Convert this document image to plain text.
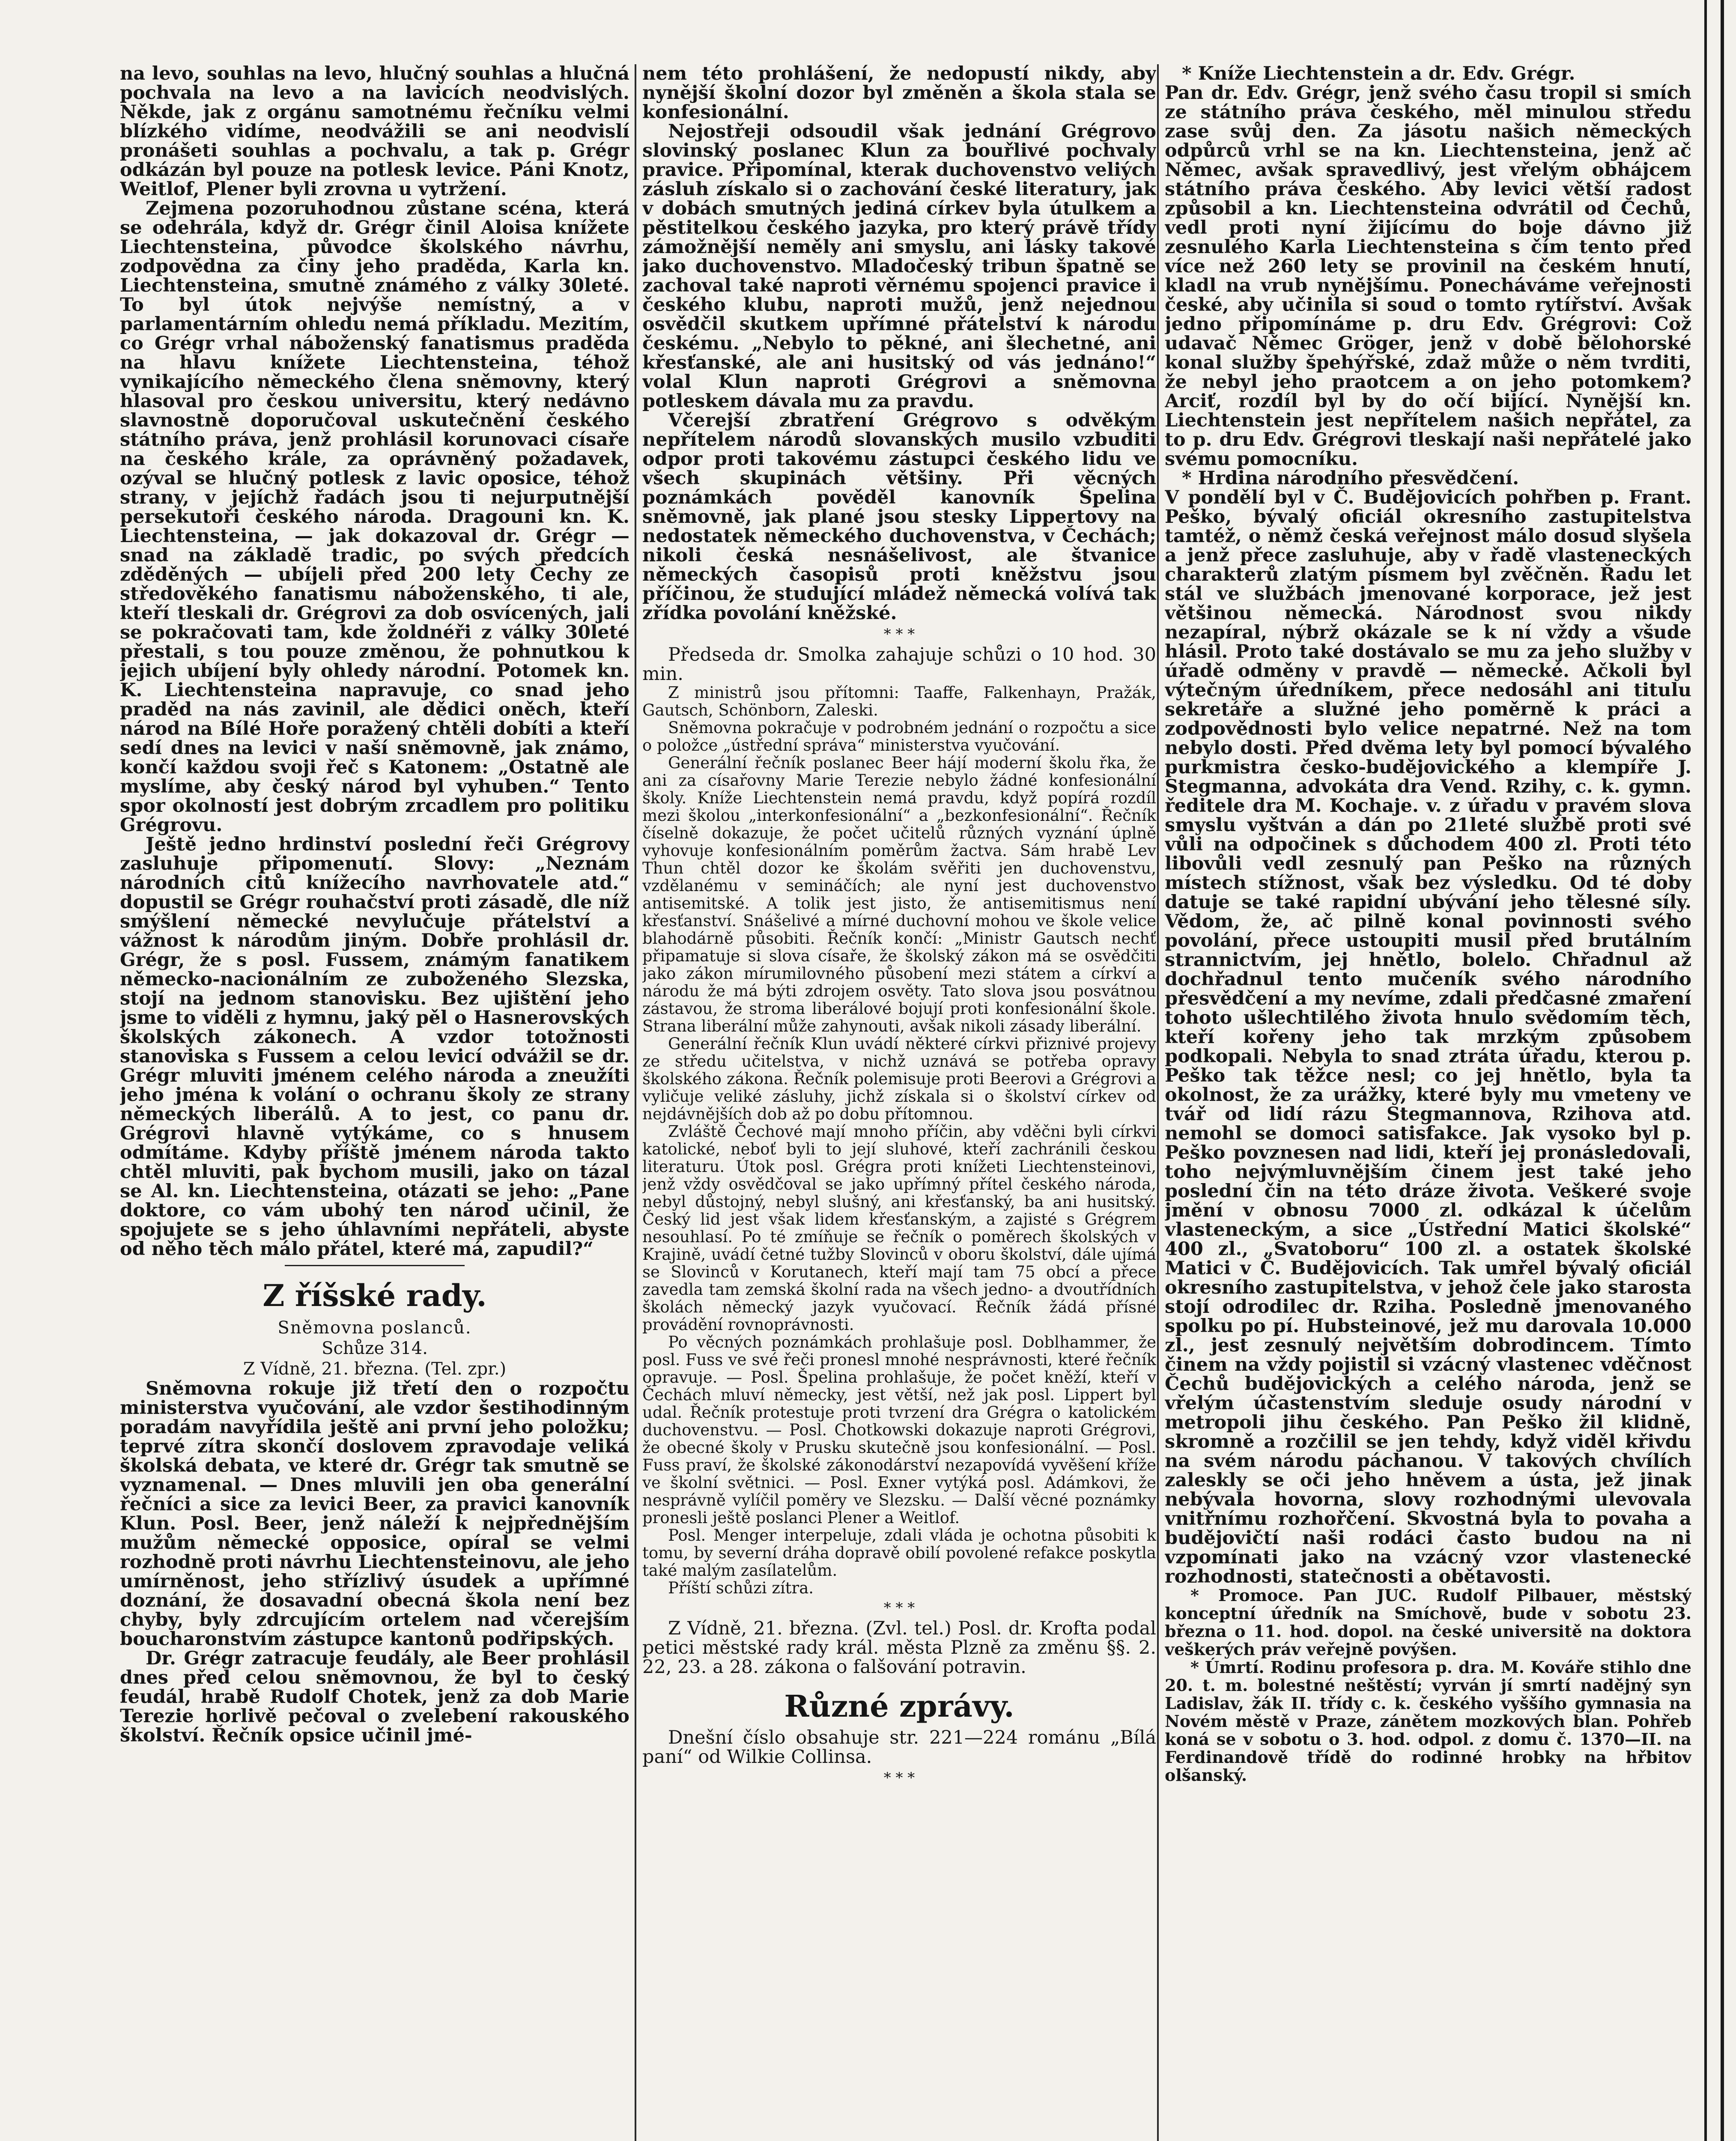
na levo, souhlas na levo, hlučný souhlas a hlučná pochvala na levo a na lavicích neodvislých. Někde, jak z orgánu samotnému řečníku velmi blízkého vidíme, neodvážili se ani neodvislí pronášeti souhlas a pochvalu, a tak p. Grégr odkázán byl pouze na potlesk levice. Páni Knotz, Weitlof, Plener byli zrovna u vytržení.

Zejmena pozoruhodnou zůstane scéna, která se odehrála, když dr. Grégr činil Aloisa knížete Liechtensteina, původce školského návrhu, zodpovědna za činy jeho praděda, Karla kn. Liechtensteina, smutně známého z války 30leté. To byl útok nejvýše nemístný, a v parlamentárním ohledu nemá příkladu. Mezitím, co Grégr vrhal náboženský fanatismus praděda na hlavu knížete Liechtensteina, téhož vynikajícího německého člena sněmovny, který hlasoval pro českou universitu, který nedávno slavnostně doporučoval uskutečnění českého státního práva, jenž prohlásil korunovaci císaře na českého krále, za oprávněný požadavek, ozýval se hlučný potlesk z lavic oposice, téhož strany, v jejíchž řadách jsou ti nejurputnější persekutoři českého národa. Dragouni kn. K. Liechtensteina, — jak dokazoval dr. Grégr — snad na základě tradic, po svých předcích zděděných — ubíjeli před 200 lety Čechy ze středověkého fanatismu náboženského, ti ale, kteří tleskali dr. Grégrovi za dob osvícených, jali se pokračovati tam, kde žoldnéři z války 30leté přestali, s tou pouze změnou, že pohnutkou k jejich ubíjení byly ohledy národní. Potomek kn. K. Liechtensteina napravuje, co snad jeho praděd na nás zavinil, ale dědici oněch, kteří národ na Bílé Hoře poražený chtěli dobíti a kteří sedí dnes na levici v naší sněmovně, jak známo, končí každou svoji řeč s Katonem: „Ostatně ale myslíme, aby český národ byl vyhuben.“ Tento spor okolností jest dobrým zrcadlem pro politiku Grégrovu.

Ještě jedno hrdinství poslední řeči Grégrovy zasluhuje připomenutí. Slovy: „Neznám národních citů knížecího navrhovatele atd.“ dopustil se Grégr rouhačství proti zásadě, dle níž smýšlení německé nevylučuje přátelství a vážnost k národům jiným. Dobře prohlásil dr. Grégr, že s posl. Fussem, známým fanatikem německo-nacionálním ze zuboženého Slezska, stojí na jednom stanovisku. Bez ujištění jeho jsme to viděli z hymnu, jaký pěl o Hasnerovských školských zákonech. A vzdor totožnosti stanoviska s Fussem a celou levicí odvážil se dr. Grégr mluviti jménem celého národa a zneužíti jeho jména k volání o ochranu školy ze strany německých liberálů. A to jest, co panu dr. Grégrovi hlavně vytýkáme, co s hnusem odmítáme. Kdyby příště jménem národa takto chtěl mluviti, pak bychom musili, jako on tázal se Al. kn. Liechtensteina, otázati se jeho: „Pane doktore, co vám ubohý ten národ učinil, že spojujete se s jeho úhlavními nepřáteli, abyste od něho těch málo přátel, které má, zapudil?“

Z říšské rady.

Sněmovna poslanců.

Schůze 314.

Z Vídně, 21. března. (Tel. zpr.)

Sněmovna rokuje již třetí den o rozpočtu ministerstva vyučování, ale vzdor šestihodinným poradám navyřídila ještě ani první jeho položku; teprvé zítra skončí doslovem zpravodaje veliká školská debata, ve které dr. Grégr tak smutně se vyznamenal. — Dnes mluvili jen oba generální řečníci a sice za levici Beer, za pravici kanovník Klun. Posl. Beer, jenž náleží k nejpřednějším mužům německé opposice, opíral se velmi rozhodně proti návrhu Liechtensteinovu, ale jeho umírněnost, jeho střízlivý úsudek a upřímné doznání, že dosavadní obecná škola není bez chyby, byly zdrcujícím ortelem nad včerejším boucharonstvím zástupce kantonů podřipských.

Dr. Grégr zatracuje feudály, ale Beer prohlásil dnes před celou sněmovnou, že byl to český feudál, hrabě Rudolf Chotek, jenž za dob Marie Terezie horlivě pečoval o zvelebení rakouského školství. Řečník opsice učinil jmé-

nem této prohlášení, že nedopustí nikdy, aby nynější školní dozor byl změněn a škola stala se konfesionální.

Nejostřeji odsoudil však jednání Grégrovo slovinský poslanec Klun za bouřlivé pochvaly pravice. Připomínal, kterak duchovenstvo veliých zásluh získalo si o zachování české literatury, jak v dobách smutných jediná církev byla útulkem a pěstitelkou českého jazyka, pro který právě třídy zámožnější neměly ani smyslu, ani lásky takové jako duchovenstvo. Mladočeský tribun špatně se zachoval také naproti věrnému spojenci pravice i českého klubu, naproti mužů, jenž nejednou osvědčil skutkem upřímné přátelství k národu českému. „Nebylo to pěkné, ani šlechetné, ani křesťanské, ale ani husitský od vás jednáno!“ volal Klun naproti Grégrovi a sněmovna potleskem dávala mu za pravdu.

Včerejší zbratření Grégrovo s odvěkým nepřítelem národů slovanských musilo vzbuditi odpor proti takovému zástupci českého lidu ve všech skupinách většiny. Při věcných poznámkách pověděl kanovník Špelina sněmovně, jak plané jsou stesky Lippertovy na nedostatek německého duchovenstva, v Čechách; nikoli česká nesnášelivost, ale štvanice německých časopisů proti kněžstvu jsou příčinou, že studující mládež německá volívá tak zřídka povolání kněžské.

* * *

Předseda dr. Smolka zahajuje schůzi o 10 hod. 30 min.

Z ministrů jsou přítomni: Taaffe, Falkenhayn, Pražák, Gautsch, Schönborn, Zaleski.

Sněmovna pokračuje v podrobném jednání o rozpočtu a sice o položce „ústřední správa“ ministerstva vyučování.

Generální řečník poslanec Beer hájí moderní školu řka, že ani za císařovny Marie Terezie nebylo žádné konfesionální školy. Kníže Liechtenstein nemá pravdu, když popírá rozdíl mezi školou „interkonfesionální“ a „bezkonfesionální“. Řečník číselně dokazuje, že počet učitelů různých vyznání úplně vyhovuje konfesionálním poměrům žactva. Sám hrabě Lev Thun chtěl dozor ke školám svěřiti jen duchovenstvu, vzdělanému v semináčích; ale nyní jest duchovenstvo antisemitské. A tolik jest jisto, že antisemitismus není křesťanství. Snášelivé a mírné duchovní mohou ve škole velice blahodárně působiti. Řečník končí: „Ministr Gautsch nechť připamatuje si slova císaře, že školský zákon má se osvědčiti jako zákon mírumilovného působení mezi státem a církví a národu že má býti zdrojem osvěty. Tato slova jsou posvátnou zástavou, že stroma liberálové bojují proti konfesionální škole. Strana liberální může zahynouti, avšak nikoli zásady liberální.

Generální řečník Klun uvádí některé církvi přiznivé projevy ze středu učitelstva, v nichž uznává se potřeba opravy školského zákona. Řečník polemisuje proti Beerovi a Grégrovi a vyličuje veliké zásluhy, jichž získala si o školství církev od nejdávnějších dob až po dobu přítomnou.

Zvláště Čechové mají mnoho příčin, aby vděčni byli církvi katolické, neboť byli to její sluhové, kteří zachránili českou literaturu. Útok posl. Grégra proti knížeti Liechtensteinovi, jenž vždy osvědčoval se jako upřímný přítel českého národa, nebyl důstojný, nebyl slušný, ani křesťanský, ba ani husitský. Český lid jest však lidem křesťanským, a zajisté s Grégrem nesouhlasí. Po té zmíňuje se řečník o poměrech školských v Krajině, uvádí četné tužby Slovinců v oboru školství, dále ujímá se Slovinců v Korutanech, kteří mají tam 75 obcí a přece zavedla tam zemská školní rada na všech jedno- a dvoutřídních školách německý jazyk vyučovací. Řečník žádá přísné provádění rovnoprávnosti.

Po věcných poznámkách prohlašuje posl. Doblhammer, že posl. Fuss ve své řeči pronesl mnohé nesprávnosti, které řečník opravuje. — Posl. Špelina prohlašuje, že počet kněží, kteří v Čechách mluví německy, jest větší, než jak posl. Lippert byl udal. Řečník protestuje proti tvrzení dra Grégra o katolickém duchovenstvu. — Posl. Chotkowski dokazuje naproti Grégrovi, že obecné školy v Prusku skutečně jsou konfesionální. — Posl. Fuss praví, že školské zákonodárství nezapovídá vyvěšení kříže ve školní světnici. — Posl. Exner vytýká posl. Adámkovi, že nesprávně vylíčil poměry ve Slezsku. — Další věcné poznámky pronesli ještě poslanci Plener a Weitlof.

Posl. Menger interpeluje, zdali vláda je ochotna působiti k tomu, by severní dráha dopravě obilí povolené refakce poskytla také malým zasílatelům.

Příští schůzi zítra.

* * *

Z Vídně, 21. března. (Zvl. tel.) Posl. dr. Krofta podal petici městské rady král. města Plzně za změnu §§. 2. 22, 23. a 28. zákona o falšování potravin.

Různé zprávy.

Dnešní číslo obsahuje str. 221—224 románu „Bílá paní“ od Wilkie Collinsa.

* * *

* Kníže Liechtenstein a dr. Edv. Grégr.

Pan dr. Edv. Grégr, jenž svého času tropil si smích ze státního práva českého, měl minulou středu zase svůj den. Za jásotu našich německých odpůrců vrhl se na kn. Liechtensteina, jenž ač Němec, avšak spravedlivý, jest vřelým obhájcem státního práva českého. Aby levici větší radost způsobil a kn. Liechtensteina odvrátil od Čechů, vedl proti nyní žijícímu do boje dávno již zesnulého Karla Liechtensteina s čím tento před více než 260 lety se provinil na českém hnutí, kladl na vrub nynějšímu. Ponecháváme veřejnosti české, aby učinila si soud o tomto rytířství. Avšak jedno připomínáme p. dru Edv. Grégrovi: Což udavač Němec Gröger, jenž v době bělohorské konal služby špehýřské, zdaž může o něm tvrditi, že nebyl jeho praotcem a on jeho potomkem? Arciť, rozdíl byl by do očí bijící. Nynější kn. Liechtenstein jest nepřítelem našich nepřátel, za to p. dru Edv. Grégrovi tleskají naši nepřátelé jako svému pomocníku.

* Hrdina národního přesvědčení.

V pondělí byl v Č. Budějovicích pohřben p. Frant. Peško, bývalý oficiál okresního zastupitelstva tamtéž, o němž česká veřejnost málo dosud slyšela a jenž přece zasluhuje, aby v řadě vlasteneckých charakterů zlatým písmem byl zvěčněn. Řadu let stál ve službách jmenované korporace, jež jest většinou německá. Národnost svou nikdy nezapíral, nýbrž okázale se k ní vždy a všude hlásil. Proto také dostávalo se mu za jeho služby v úřadě odměny v pravdě — německé. Ačkoli byl výtečným úředníkem, přece nedosáhl ani titulu sekretáře a služné jeho poměrně k práci a zodpovědnosti bylo velice nepatrné. Než na tom nebylo dosti. Před dvěma lety byl pomocí bývalého purkmistra česko-budějovického a klempíře J. Stegmanna, advokáta dra Vend. Rzihy, c. k. gymn. ředitele dra M. Kochaje. v. z úřadu v pravém slova smyslu vyštván a dán po 21leté službě proti své vůli na odpočinek s důchodem 400 zl. Proti této libovůli vedl zesnulý pan Peško na různých místech stížnost, však bez výsledku. Od té doby datuje se také rapidní ubývání jeho tělesné síly. Vědom, že, ač pilně konal povinnosti svého povolání, přece ustoupiti musil před brutálním strannictvím, jej hnětlo, bolelo. Chřadnul až dochřadnul tento mučeník svého národního přesvědčení a my nevíme, zdali předčasné zmaření tohoto ušlechtilého života hnulo svědomím těch, kteří kořeny jeho tak mrzkým způsobem podkopali. Nebyla to snad ztráta úřadu, kterou p. Peško tak těžce nesl; co jej hnětlo, byla ta okolnost, že za urážky, které byly mu vmeteny ve tvář od lidí rázu Stegmannova, Rzihova atd. nemohl se domoci satisfakce. Jak vysoko byl p. Peško povznesen nad lidi, kteří jej pronásledovali, toho nejvýmluvnějším činem jest také jeho poslední čin na této dráze života. Veškeré svoje jmění v obnosu 7000 zl. odkázal k účelům vlasteneckým, a sice „Ústřední Matici školské“ 400 zl., „Svatoboru“ 100 zl. a ostatek školské Matici v Č. Budějovicích. Tak umřel bývalý oficiál okresního zastupitelstva, v jehož čele jako starosta stojí odrodilec dr. Rziha. Posledně jmenovaného spolku po pí. Hubsteinové, jež mu darovala 10.000 zl., jest zesnulý největším dobrodincem. Tímto činem na vždy pojistil si vzácný vlastenec vděčnost Čechů budějovických a celého národa, jenž se vřelým účastenstvím sleduje osudy národní v metropoli jihu českého. Pan Peško žil klidně, skromně a rozčilil se jen tehdy, když viděl křivdu na svém národu páchanou. V takových chvílích zaleskly se oči jeho hněvem a ústa, jež jinak nebývala hovorna, slovy rozhodnými ulevovala vnitřnímu rozhořčení. Skvostná byla to povaha a budějovičtí naši rodáci často budou na ni vzpomínati jako na vzácný vzor vlastenecké rozhodnosti, statečnosti a obětavosti.

* Promoce. Pan JUC. Rudolf Pilbauer, městský konceptní úředník na Smíchově, bude v sobotu 23. března o 11. hod. dopol. na české universitě na doktora veškerých práv veřejně povýšen.

* Úmrtí. Rodinu profesora p. dra. M. Kováře stihlo dne 20. t. m. bolestné neštěstí; vyrván jí smrtí nadějný syn Ladislav, žák II. třídy c. k. českého vyššího gymnasia na Novém městě v Praze, zánětem mozkových blan. Pohřeb koná se v sobotu o 3. hod. odpol. z domu č. 1370—II. na Ferdinandově třídě do rodinné hrobky na hřbitov olšanský.
